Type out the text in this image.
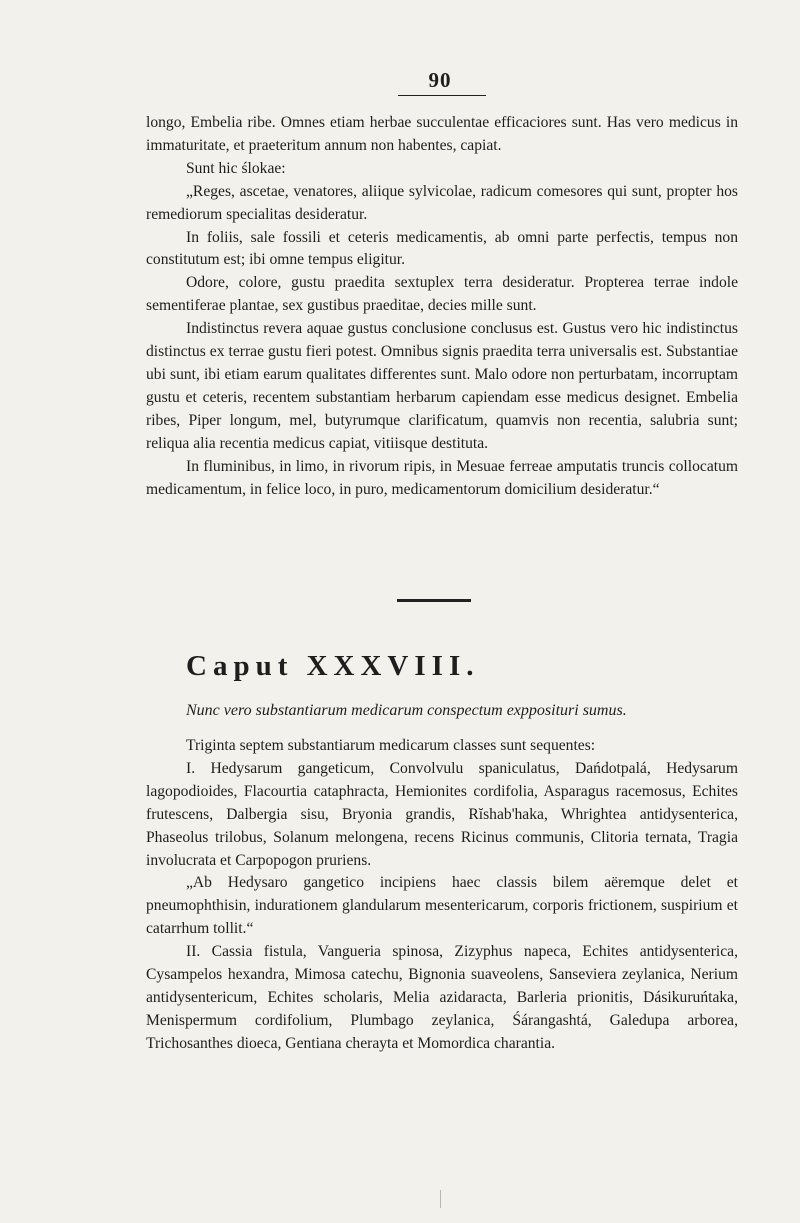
90

longo, Embelia ribe. Omnes etiam herbae succulentae efficaciores sunt. Has vero medicus in immaturitate, et praeteritum annum non habentes, capiat.

Sunt hic ślokae:

„Reges, ascetae, venatores, aliique sylvicolae, radicum comesores qui sunt, propter hos remediorum specialitas desideratur.

In foliis, sale fossili et ceteris medicamentis, ab omni parte perfectis, tempus non constitutum est; ibi omne tempus eligitur.

Odore, colore, gustu praedita sextuplex terra desideratur. Propterea terrae indole sementiferae plantae, sex gustibus praeditae, decies mille sunt.

Indistinctus revera aquae gustus conclusione conclusus est. Gustus vero hic indistinctus distinctus ex terrae gustu fieri potest. Omnibus signis praedita terra universalis est. Substantiae ubi sunt, ibi etiam earum qualitates differentes sunt. Malo odore non perturbatam, incorruptam gustu et ceteris, recentem substantiam herbarum capiendam esse medicus designet. Embelia ribes, Piper longum, mel, butyrumque clarificatum, quamvis non recentia, salubria sunt; reliqua alia recentia medicus capiat, vitiisque destituta.

In fluminibus, in limo, in rivorum ripis, in Mesuae ferreae amputatis truncis collocatum medicamentum, in felice loco, in puro, medicamentorum domicilium desideratur.“

Caput XXXVIII.
Nunc vero substantiarum medicarum conspectum expposituri sumus.

Triginta septem substantiarum medicarum classes sunt sequentes:

I. Hedysarum gangeticum, Convolvulu spaniculatus, Dańdotpalá, Hedysarum lagopodioides, Flacourtia cataphracta, Hemionites cordifolia, Asparagus racemosus, Echites frutescens, Dalbergia sisu, Bryonia grandis, Rĭshab'haka, Whrightea antidysenterica, Phaseolus trilobus, Solanum melongena, recens Ricinus communis, Clitoria ternata, Tragia involucrata et Carpopogon pruriens.

„Ab Hedysaro gangetico incipiens haec classis bilem aëremque delet et pneumophthisin, indurationem glandularum mesentericarum, corporis frictionem, suspirium et catarrhum tollit.“

II. Cassia fistula, Vangueria spinosa, Zizyphus napeca, Echites antidysenterica, Cysampelos hexandra, Mimosa catechu, Bignonia suaveolens, Sanseviera zeylanica, Nerium antidysentericum, Echites scholaris, Melia azidaracta, Barleria prionitis, Dásikuruńtaka, Menispermum cordifolium, Plumbago zeylanica, Śárangashtá, Galedupa arborea, Trichosanthes dioeca, Gentiana cherayta et Momordica charantia.
